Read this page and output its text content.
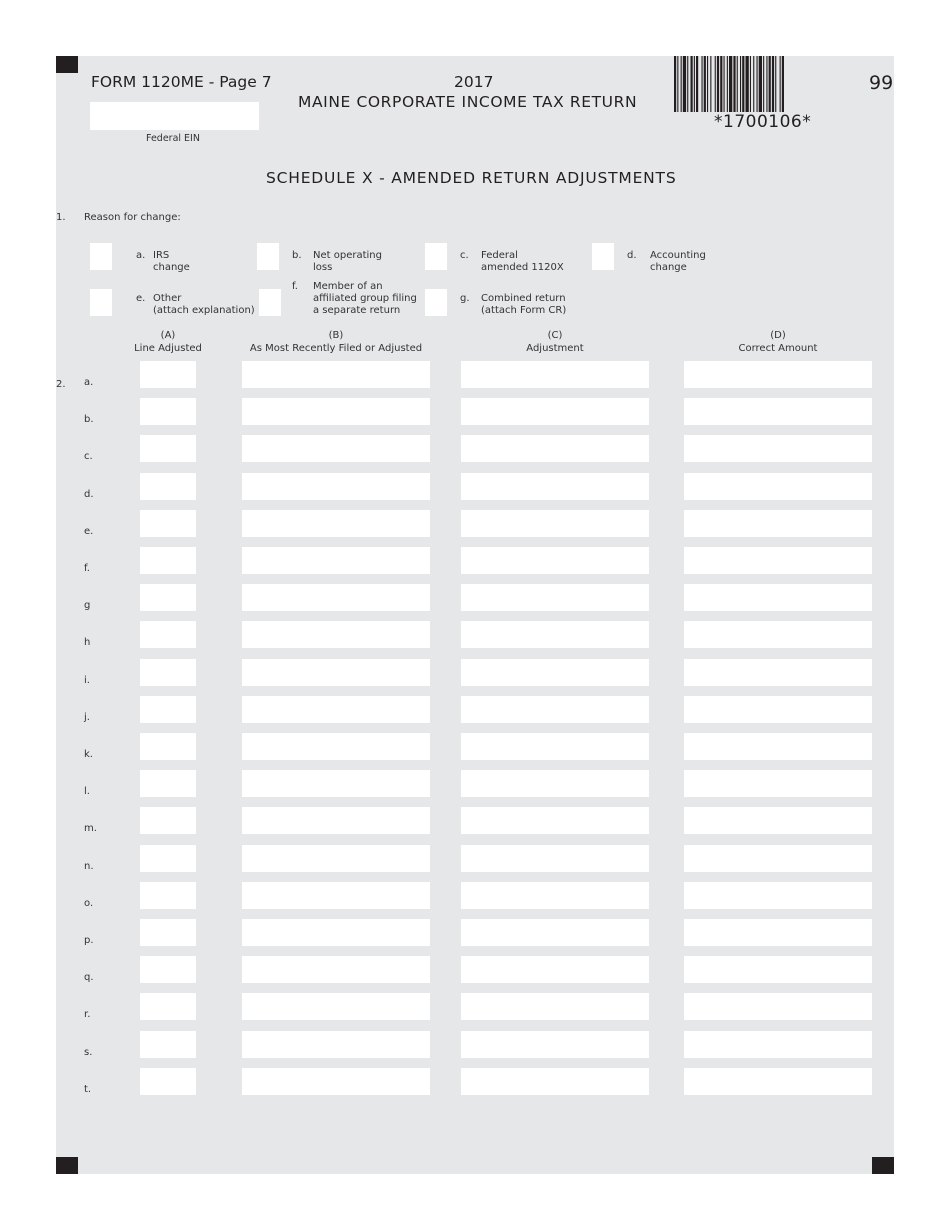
FORM 1120ME - Page 7	2017
MAINE CORPORATE INCOME TAX RETURN
Federal EIN
*1700106*
99
SCHEDULE X - AMENDED RETURN ADJUSTMENTS
1. Reason for change:
a. IRS
change
b. Net operating
loss
c. Federal
amended 1120X
d. Accounting
change
e. Other
(attach explanation)
f. Member of an
affiliated group filing
a separate return
g. Combined return
(attach Form CR)
(A)
Line Adjusted
(B)
As Most Recently Filed or Adjusted
(C)
Adjustment
(D)
Correct Amount
2. a.
b.
c.
d.
e.
f.
g
h
i.
j.
k.
l.
m.
n.
o.
p.
q.
r.
s.
t.
